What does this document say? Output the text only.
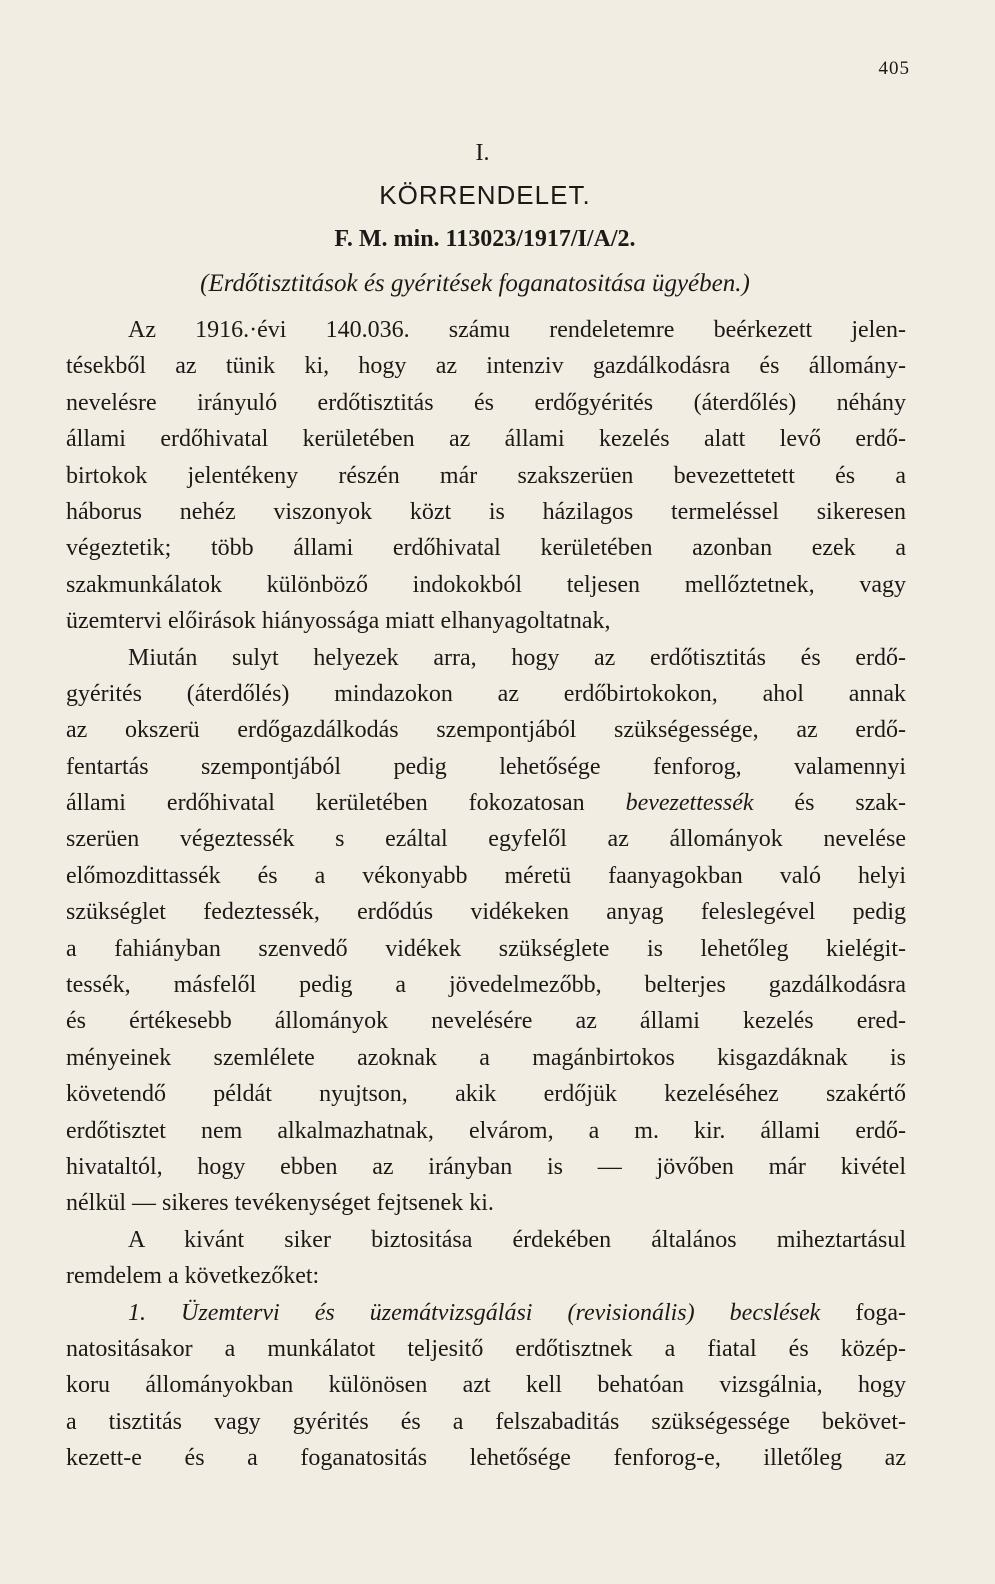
405
I.
KÖRRENDELET.
F. M. min. 113023/1917/I/A/2.
(Erdőtisztitások és gyéritések foganatositása ügyében.)
Az 1916.·évi 140.036. számu rendeletemre beérkezett jelen-
tésekből az tünik ki, hogy az intenziv gazdálkodásra és állomány-
nevelésre irányuló erdőtisztitás és erdőgyérités (áterdőlés) néhány
állami erdőhivatal kerületében az állami kezelés alatt levő erdő-
birtokok jelentékeny részén már szakszerüen bevezettetett és a
háborus nehéz viszonyok közt is házilagos termeléssel sikeresen
végeztetik; több állami erdőhivatal kerületében azonban ezek a
szakmunkálatok különböző indokokból teljesen mellőztetnek, vagy
üzemtervi előirások hiányossága miatt elhanyagoltatnak,
Miután sulyt helyezek arra, hogy az erdőtisztitás és erdő-
gyérités (áterdőlés) mindazokon az erdőbirtokokon, ahol annak
az okszerü erdőgazdálkodás szempontjából szükségessége, az erdő-
fentartás szempontjából pedig lehetősége fenforog, valamennyi
állami erdőhivatal kerületében fokozatosan bevezettessék és szak-
szerüen végeztessék s ezáltal egyfelől az állományok nevelése
előmozdittassék és a vékonyabb méretü faanyagokban való helyi
szükséglet fedeztessék, erdődús vidékeken anyag feleslegével pedig
a fahiányban szenvedő vidékek szükséglete is lehetőleg kielégit-
tessék, másfelől pedig a jövedelmezőbb, belterjes gazdálkodásra
és értékesebb állományok nevelésére az állami kezelés ered-
ményeinek szemlélete azoknak a magánbirtokos kisgazdáknak is
követendő példát nyujtson, akik erdőjük kezeléséhez szakértő
erdőtisztet nem alkalmazhatnak, elvárom, a m. kir. állami erdő-
hivataltól, hogy ebben az irányban is — jövőben már kivétel
nélkül — sikeres tevékenységet fejtsenek ki.
A kivánt siker biztositása érdekében általános miheztartásul
remdelem a következőket:
1. Üzemtervi és üzemátvizsgálási (revisionális) becslések foga-
natositásakor a munkálatot teljesitő erdőtisztnek a fiatal és közép-
koru állományokban különösen azt kell behatóan vizsgálnia, hogy
a tisztitás vagy gyérités és a felszabaditás szükségessége bekövet-
kezett-e és a foganatositás lehetősége fenforog-e, illetőleg az
